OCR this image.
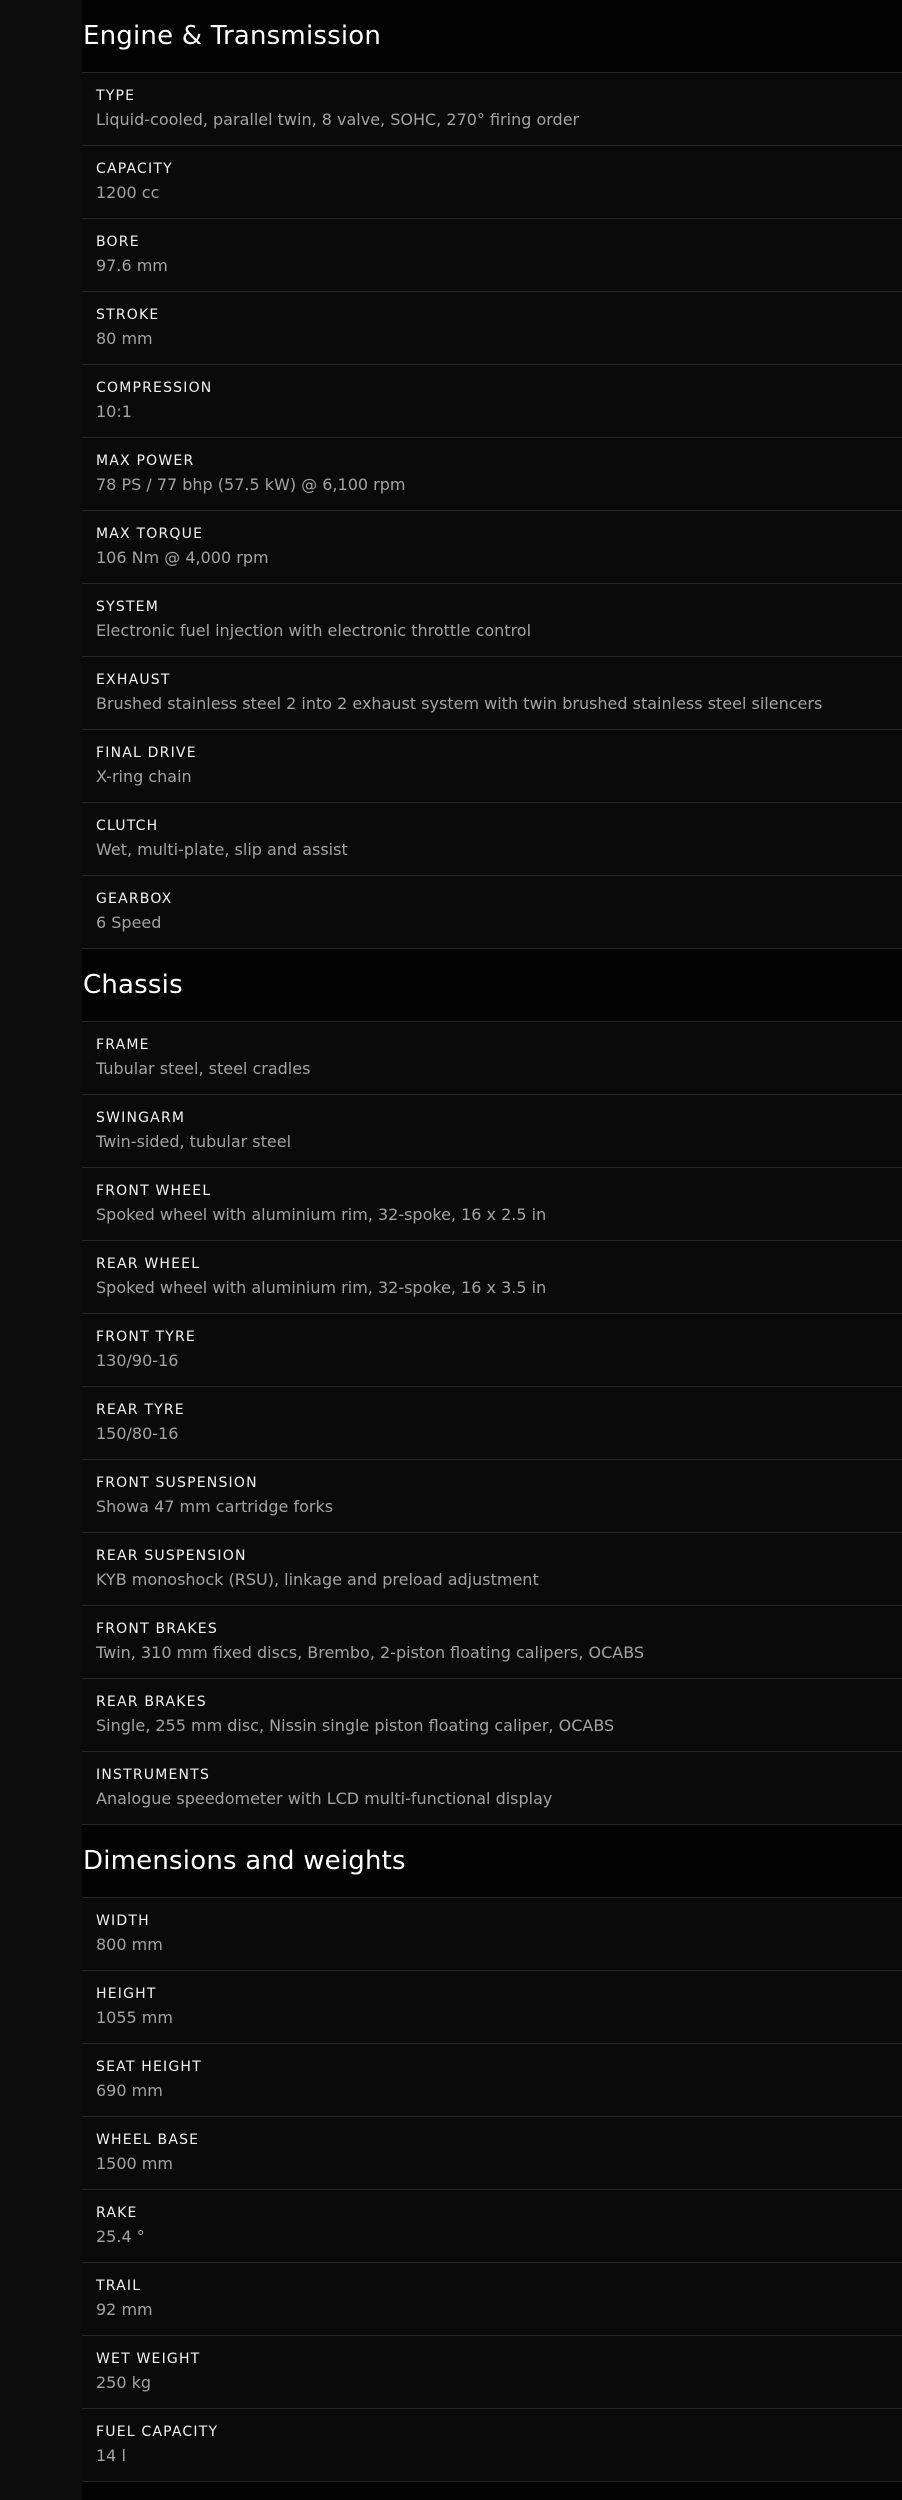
Engine & Transmission
TYPE
Liquid-cooled, parallel twin, 8 valve, SOHC, 270° firing order
CAPACITY
1200 cc
BORE
97.6 mm
STROKE
80 mm
COMPRESSION
10:1
MAX POWER
78 PS / 77 bhp (57.5 kW) @ 6,100 rpm
MAX TORQUE
106 Nm @ 4,000 rpm
SYSTEM
Electronic fuel injection with electronic throttle control
EXHAUST
Brushed stainless steel 2 into 2 exhaust system with twin brushed stainless steel silencers
FINAL DRIVE
X-ring chain
CLUTCH
Wet, multi-plate, slip and assist
GEARBOX
6 Speed
Chassis
FRAME
Tubular steel, steel cradles
SWINGARM
Twin-sided, tubular steel
FRONT WHEEL
Spoked wheel with aluminium rim, 32-spoke, 16 x 2.5 in
REAR WHEEL
Spoked wheel with aluminium rim, 32-spoke, 16 x 3.5 in
FRONT TYRE
130/90-16
REAR TYRE
150/80-16
FRONT SUSPENSION
Showa 47 mm cartridge forks
REAR SUSPENSION
KYB monoshock (RSU), linkage and preload adjustment
FRONT BRAKES
Twin, 310 mm fixed discs, Brembo, 2-piston floating calipers, OCABS
REAR BRAKES
Single, 255 mm disc, Nissin single piston floating caliper, OCABS
INSTRUMENTS
Analogue speedometer with LCD multi-functional display
Dimensions and weights
WIDTH
800 mm
HEIGHT
1055 mm
SEAT HEIGHT
690 mm
WHEEL BASE
1500 mm
RAKE
25.4 °
TRAIL
92 mm
WET WEIGHT
250 kg
FUEL CAPACITY
14 l
